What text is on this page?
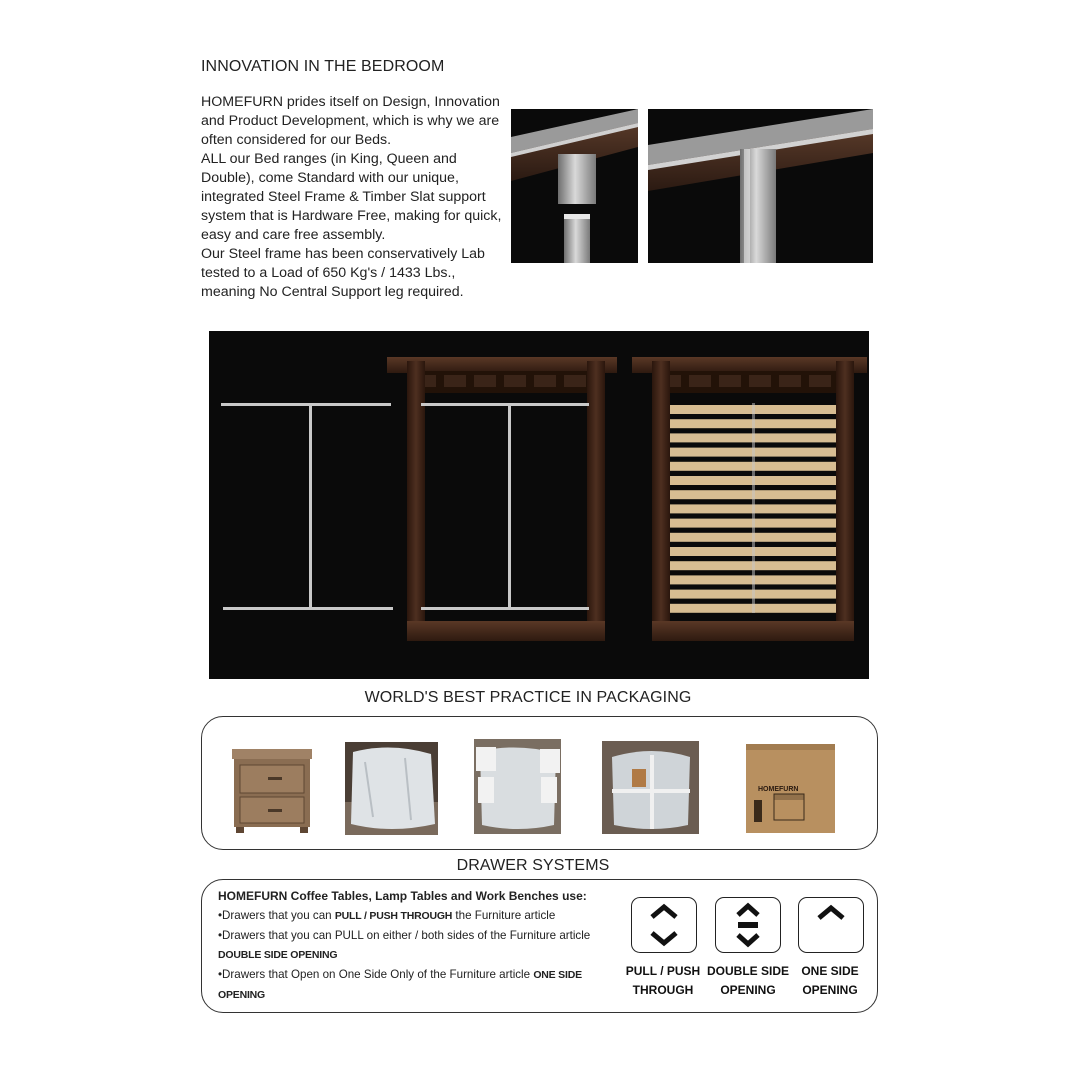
INNOVATION IN THE BEDROOM

HOMEFURN prides itself on Design, Innovation and Product Development, which is why we are often considered for our Beds.

ALL our Bed ranges (in King, Queen and Double), come Standard with our unique, integrated Steel Frame & Timber Slat support system that is Hardware Free, making for quick, easy and care free assembly.

Our Steel frame has been conservatively Lab tested to a Load of 650 Kg's / 1433 Lbs., meaning No Central Support leg required.

WORLD'S BEST PRACTICE IN PACKAGING
HOMEFURN
DRAWER SYSTEMS

HOMEFURN Coffee Tables, Lamp Tables and Work Benches use:

•Drawers that you can PULL / PUSH THROUGH the Furniture article

•Drawers that you can PULL on either / both sides of the Furniture article DOUBLE SIDE OPENING

•Drawers that Open on One Side Only of the Furniture article ONE SIDE OPENING

PULL / PUSH
THROUGH
DOUBLE SIDE
OPENING
ONE SIDE
OPENING
